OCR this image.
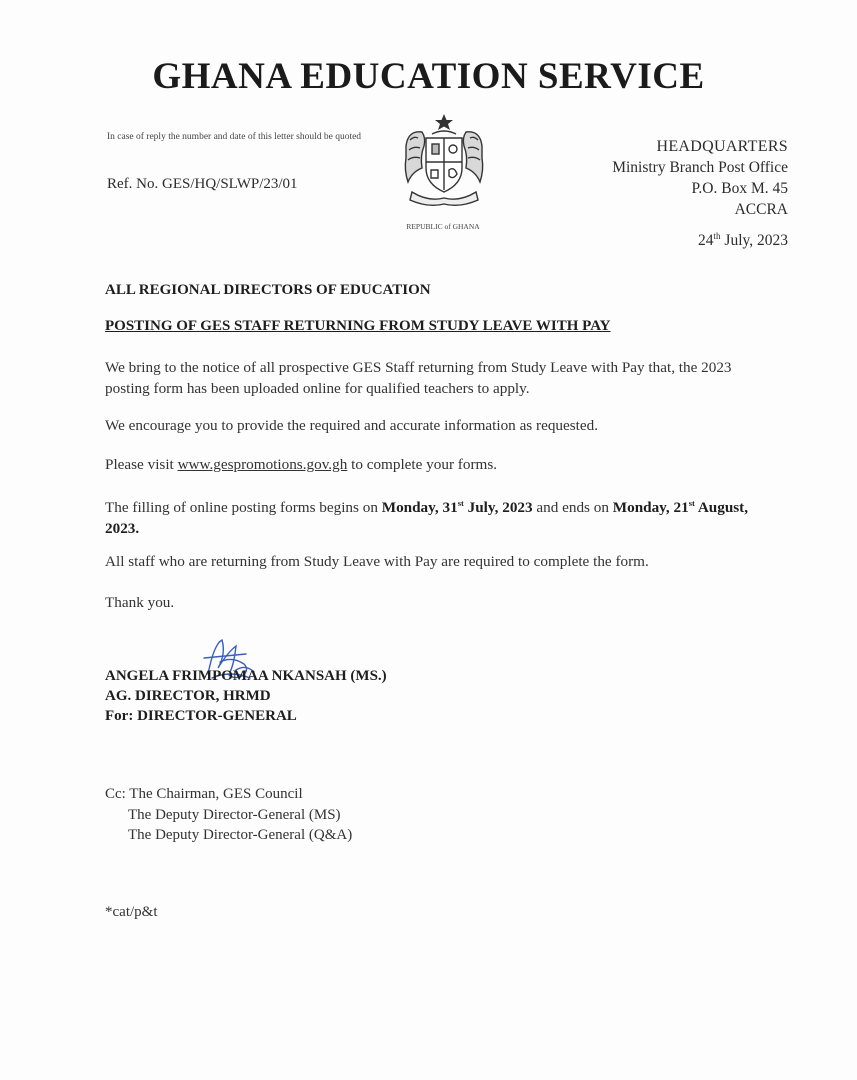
GHANA EDUCATION SERVICE
In case of reply the number and date of this letter should be quoted
Ref. No. GES/HQ/SLWP/23/01
REPUBLIC of GHANA
HEADQUARTERS
Ministry Branch Post Office
P.O. Box M. 45
ACCRA
24th July, 2023
ALL REGIONAL DIRECTORS OF EDUCATION
POSTING OF GES STAFF RETURNING FROM STUDY LEAVE WITH PAY
We bring to the notice of all prospective GES Staff returning from Study Leave with Pay that, the 2023 posting form has been uploaded online for qualified teachers to apply.
We encourage you to provide the required and accurate information as requested.
Please visit www.gespromotions.gov.gh to complete your forms.
The filling of online posting forms begins on Monday, 31st July, 2023 and ends on Monday, 21st August, 2023.
All staff who are returning from Study Leave with Pay are required to complete the form.
Thank you.
ANGELA FRIMPOMAA NKANSAH (MS.)
AG. DIRECTOR, HRMD
For: DIRECTOR-GENERAL
Cc: The Chairman, GES Council
The Deputy Director-General (MS)
The Deputy Director-General (Q&A)
*cat/p&t
